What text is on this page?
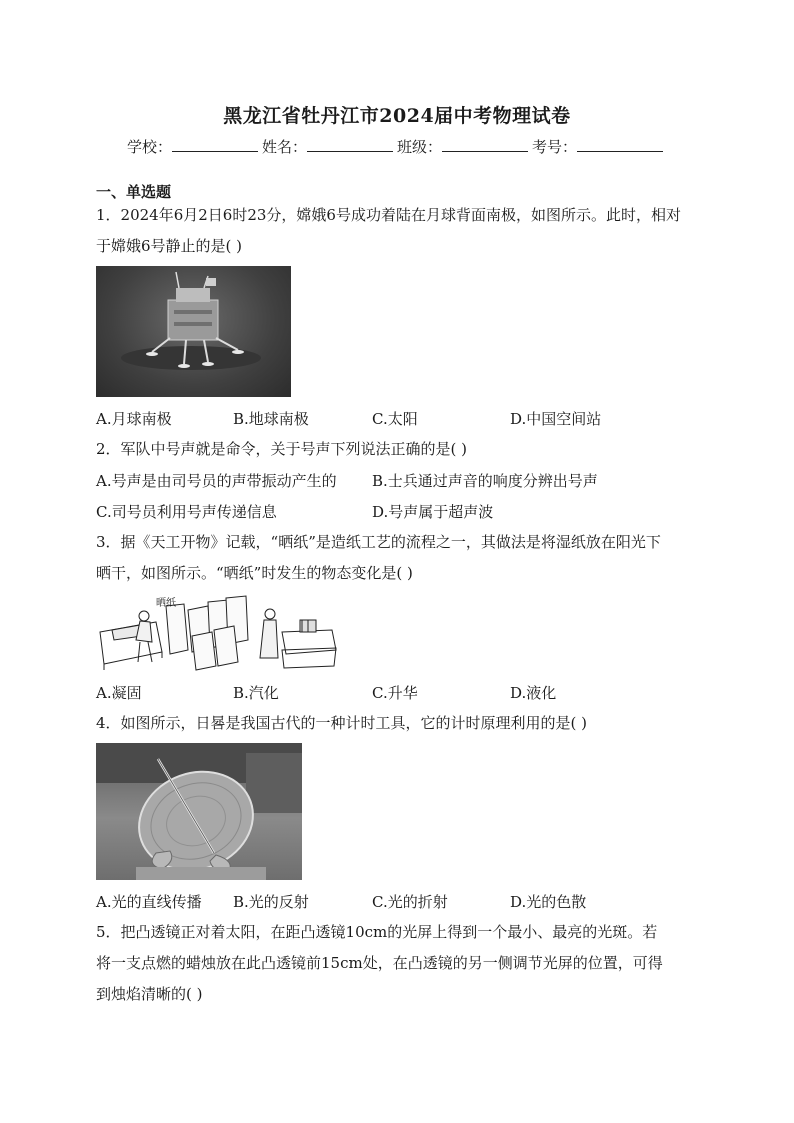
黑龙江省牡丹江市2024届中考物理试卷
学校：	姓名：	班级：	考号：
一、单选题
1．2024年6月2日6时23分，嫦娥6号成功着陆在月球背面南极，如图所示。此时，相对
于嫦娥6号静止的是( )
A.月球南极	B.地球南极	C.太阳	D.中国空间站
2．军队中号声就是命令，关于号声下列说法正确的是( )
A.号声是由司号员的声带振动产生的 B.士兵通过声音的响度分辨出号声
C.司号员利用号声传递信息	D.号声属于超声波
3．据《天工开物》记载，“晒纸”是造纸工艺的流程之一，其做法是将湿纸放在阳光下
晒干，如图所示。“晒纸”时发生的物态变化是( )
晒纸
A.凝固	B.汽化	C.升华	D.液化
4．如图所示，日晷是我国古代的一种计时工具，它的计时原理利用的是( )
A.光的直线传播 B.光的反射	C.光的折射	D.光的色散
5．把凸透镜正对着太阳，在距凸透镜10cm的光屏上得到一个最小、最亮的光斑。若
将一支点燃的蜡烛放在此凸透镜前15cm处，在凸透镜的另一侧调节光屏的位置，可得
到烛焰清晰的( )
